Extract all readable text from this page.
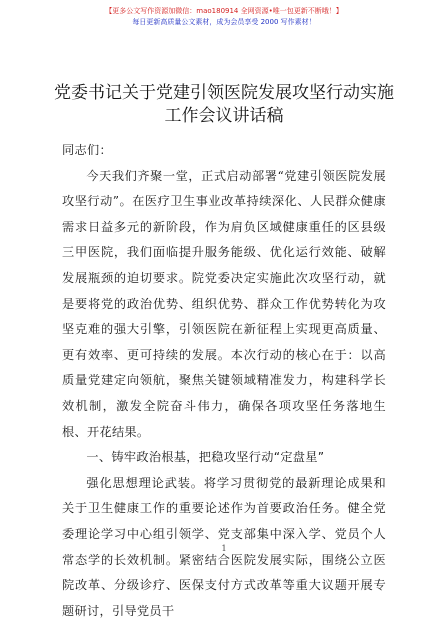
【更多公文写作资源加微信：mao180914 全网资源•唯一包更新不断哦！】
每日更新高质量公文素材，成为会员享受 2000 写作素材！
党委书记关于党建引领医院发展攻坚行动实施
工作会议讲话稿

同志们：

今天我们齐聚一堂，正式启动部署“党建引领医院发展攻坚行动”。在医疗卫生事业改革持续深化、人民群众健康需求日益多元的新阶段，作为肩负区域健康重任的区县级三甲医院，我们面临提升服务能级、优化运行效能、破解发展瓶颈的迫切要求。院党委决定实施此次攻坚行动，就是要将党的政治优势、组织优势、群众工作优势转化为攻坚克难的强大引擎，引领医院在新征程上实现更高质量、更有效率、更可持续的发展。本次行动的核心在于：以高质量党建定向领航，聚焦关键领域精准发力，构建科学长效机制，激发全院奋斗伟力，确保各项攻坚任务落地生根、开花结果。

一、铸牢政治根基，把稳攻坚行动“定盘星”

强化思想理论武装。将学习贯彻党的最新理论成果和关于卫生健康工作的重要论述作为首要政治任务。健全党委理论学习中心组引领学、党支部集中深入学、党员个人常态学的长效机制。紧密结合医院发展实际，围绕公立医院改革、分级诊疗、医保支付方式改革等重大议题开展专题研讨，引导党员干

1
